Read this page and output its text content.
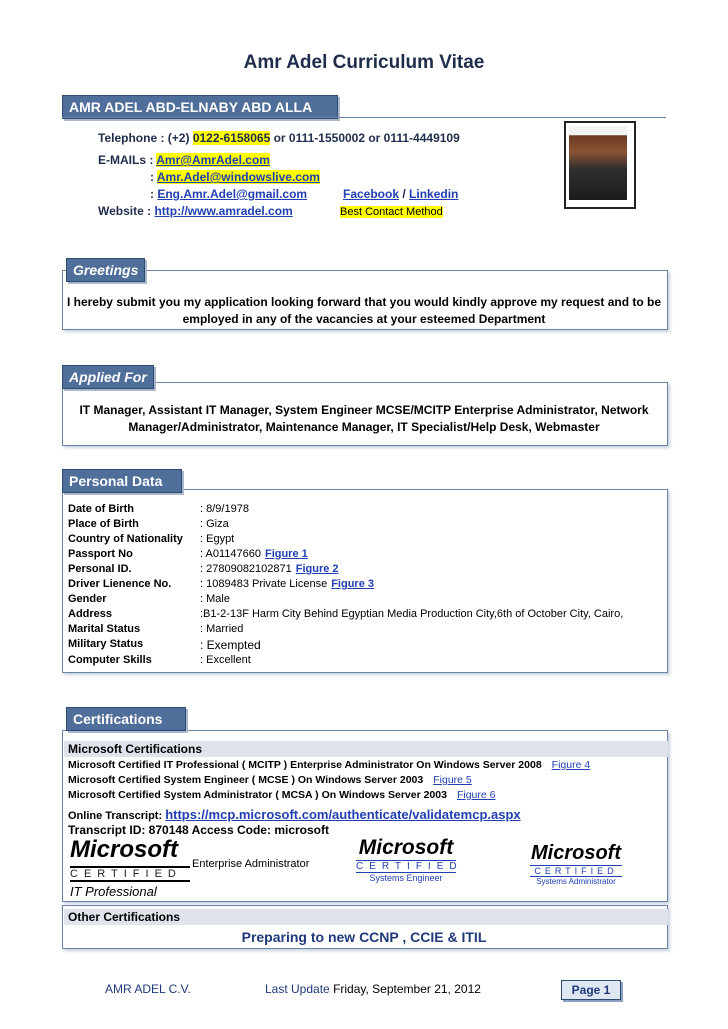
Amr Adel Curriculum Vitae
AMR ADEL ABD-ELNABY ABD ALLA
Telephone : (+2) 0122-6158065 or 0111-1550002 or 0111-4449109
E-MAILs : Amr@AmrAdel.com
: Amr.Adel@windowslive.com
: Eng.Amr.Adel@gmail.com	Facebook / Linkedin
Website : http://www.amradel.com	Best Contact Method
Greetings
I hereby submit you my application looking forward that you would kindly approve my request and to be employed in any of the vacancies at your esteemed Department
Applied For
IT Manager, Assistant IT Manager, System Engineer MCSE/MCITP Enterprise Administrator, Network Manager/Administrator, Maintenance Manager, IT Specialist/Help Desk, Webmaster
Personal Data
Date of Birth	: 8/9/1978
Place of Birth	: Giza
Country of Nationality : Egypt
Passport No	: A01147660 Figure 1
Personal ID.	: 27809082102871 Figure 2
Driver Lienence No.	: 1089483 Private License Figure 3
Gender	: Male
Address	:B1-2-13F Harm City Behind Egyptian Media Production City,6th of October City, Cairo,
Marital Status	: Married
Military Status	: Exempted
Computer Skills	: Excellent
Certifications
Microsoft Certifications
Microsoft Certified IT Professional ( MCITP ) Enterprise Administrator On Windows Server 2008 Figure 4
Microsoft Certified System Engineer ( MCSE ) On Windows Server 2003 Figure 5
Microsoft Certified System Administrator ( MCSA ) On Windows Server 2003 Figure 6
Online Transcript: https://mcp.microsoft.com/authenticate/validatemcp.aspx
Transcript ID: 870148 Access Code: microsoft
Microsoft
CERTIFIED
IT Professional
Enterprise Administrator
Microsoft
CERTIFIED
Systems Engineer
Microsoft
CERTIFIED
Systems Administrator
Other Certifications
Preparing to new CCNP , CCIE & ITIL
AMR ADEL C.V.	Last Update Friday, September 21, 2012	Page 1
